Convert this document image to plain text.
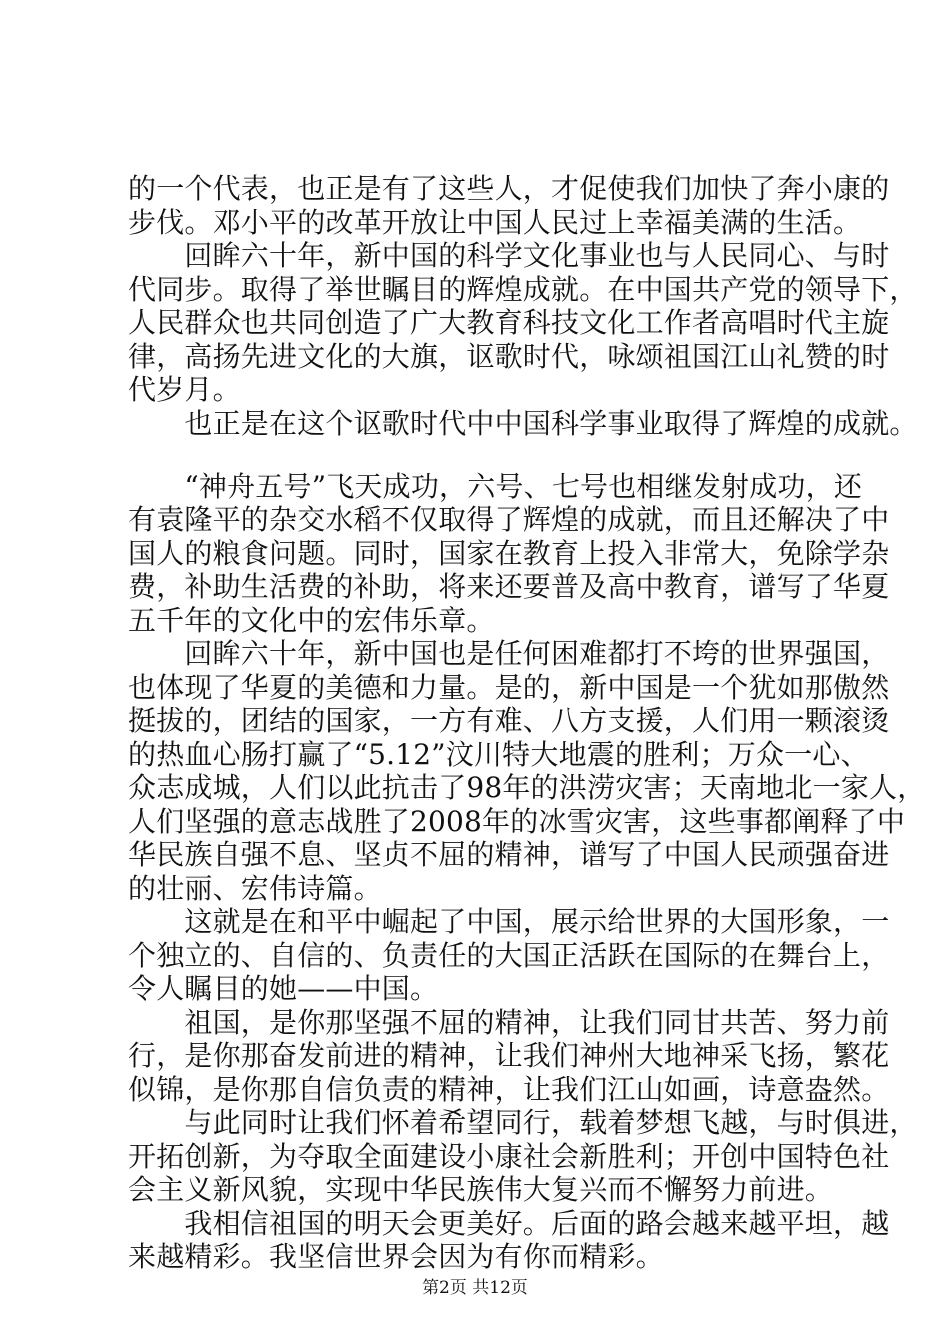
的一个代表，也正是有了这些人，才促使我们加快了奔小康的
步伐。邓小平的改革开放让中国人民过上幸福美满的生活。
　　回眸六十年，新中国的科学文化事业也与人民同心、与时
代同步。取得了举世瞩目的辉煌成就。在中国共产党的领导下，
人民群众也共同创造了广大教育科技文化工作者高唱时代主旋
律，高扬先进文化的大旗，讴歌时代，咏颂祖国江山礼赞的时
代岁月。
　　也正是在这个讴歌时代中中国科学事业取得了辉煌的成就。
　　“神舟五号”飞天成功，六号、七号也相继发射成功，还
有袁隆平的杂交水稻不仅取得了辉煌的成就，而且还解决了中
国人的粮食问题。同时，国家在教育上投入非常大，免除学杂
费，补助生活费的补助，将来还要普及高中教育，谱写了华夏
五千年的文化中的宏伟乐章。
　　回眸六十年，新中国也是任何困难都打不垮的世界强国，
也体现了华夏的美德和力量。是的，新中国是一个犹如那傲然
挺拔的，团结的国家，一方有难、八方支援，人们用一颗滚烫
的热血心肠打赢了“5.12”汶川特大地震的胜利；万众一心、
众志成城，人们以此抗击了98年的洪涝灾害；天南地北一家人，
人们坚强的意志战胜了2008年的冰雪灾害，这些事都阐释了中
华民族自强不息、坚贞不屈的精神，谱写了中国人民顽强奋进
的壮丽、宏伟诗篇。
　　这就是在和平中崛起了中国，展示给世界的大国形象，一
个独立的、自信的、负责任的大国正活跃在国际的在舞台上，
令人瞩目的她——中国。
　　祖国，是你那坚强不屈的精神，让我们同甘共苦、努力前
行，是你那奋发前进的精神，让我们神州大地神采飞扬，繁花
似锦，是你那自信负责的精神，让我们江山如画，诗意盎然。
　　与此同时让我们怀着希望同行，载着梦想飞越，与时俱进，
开拓创新，为夺取全面建设小康社会新胜利；开创中国特色社
会主义新风貌，实现中华民族伟大复兴而不懈努力前进。
　　我相信祖国的明天会更美好。后面的路会越来越平坦，越
来越精彩。我坚信世界会因为有你而精彩。
第2页 共12页
